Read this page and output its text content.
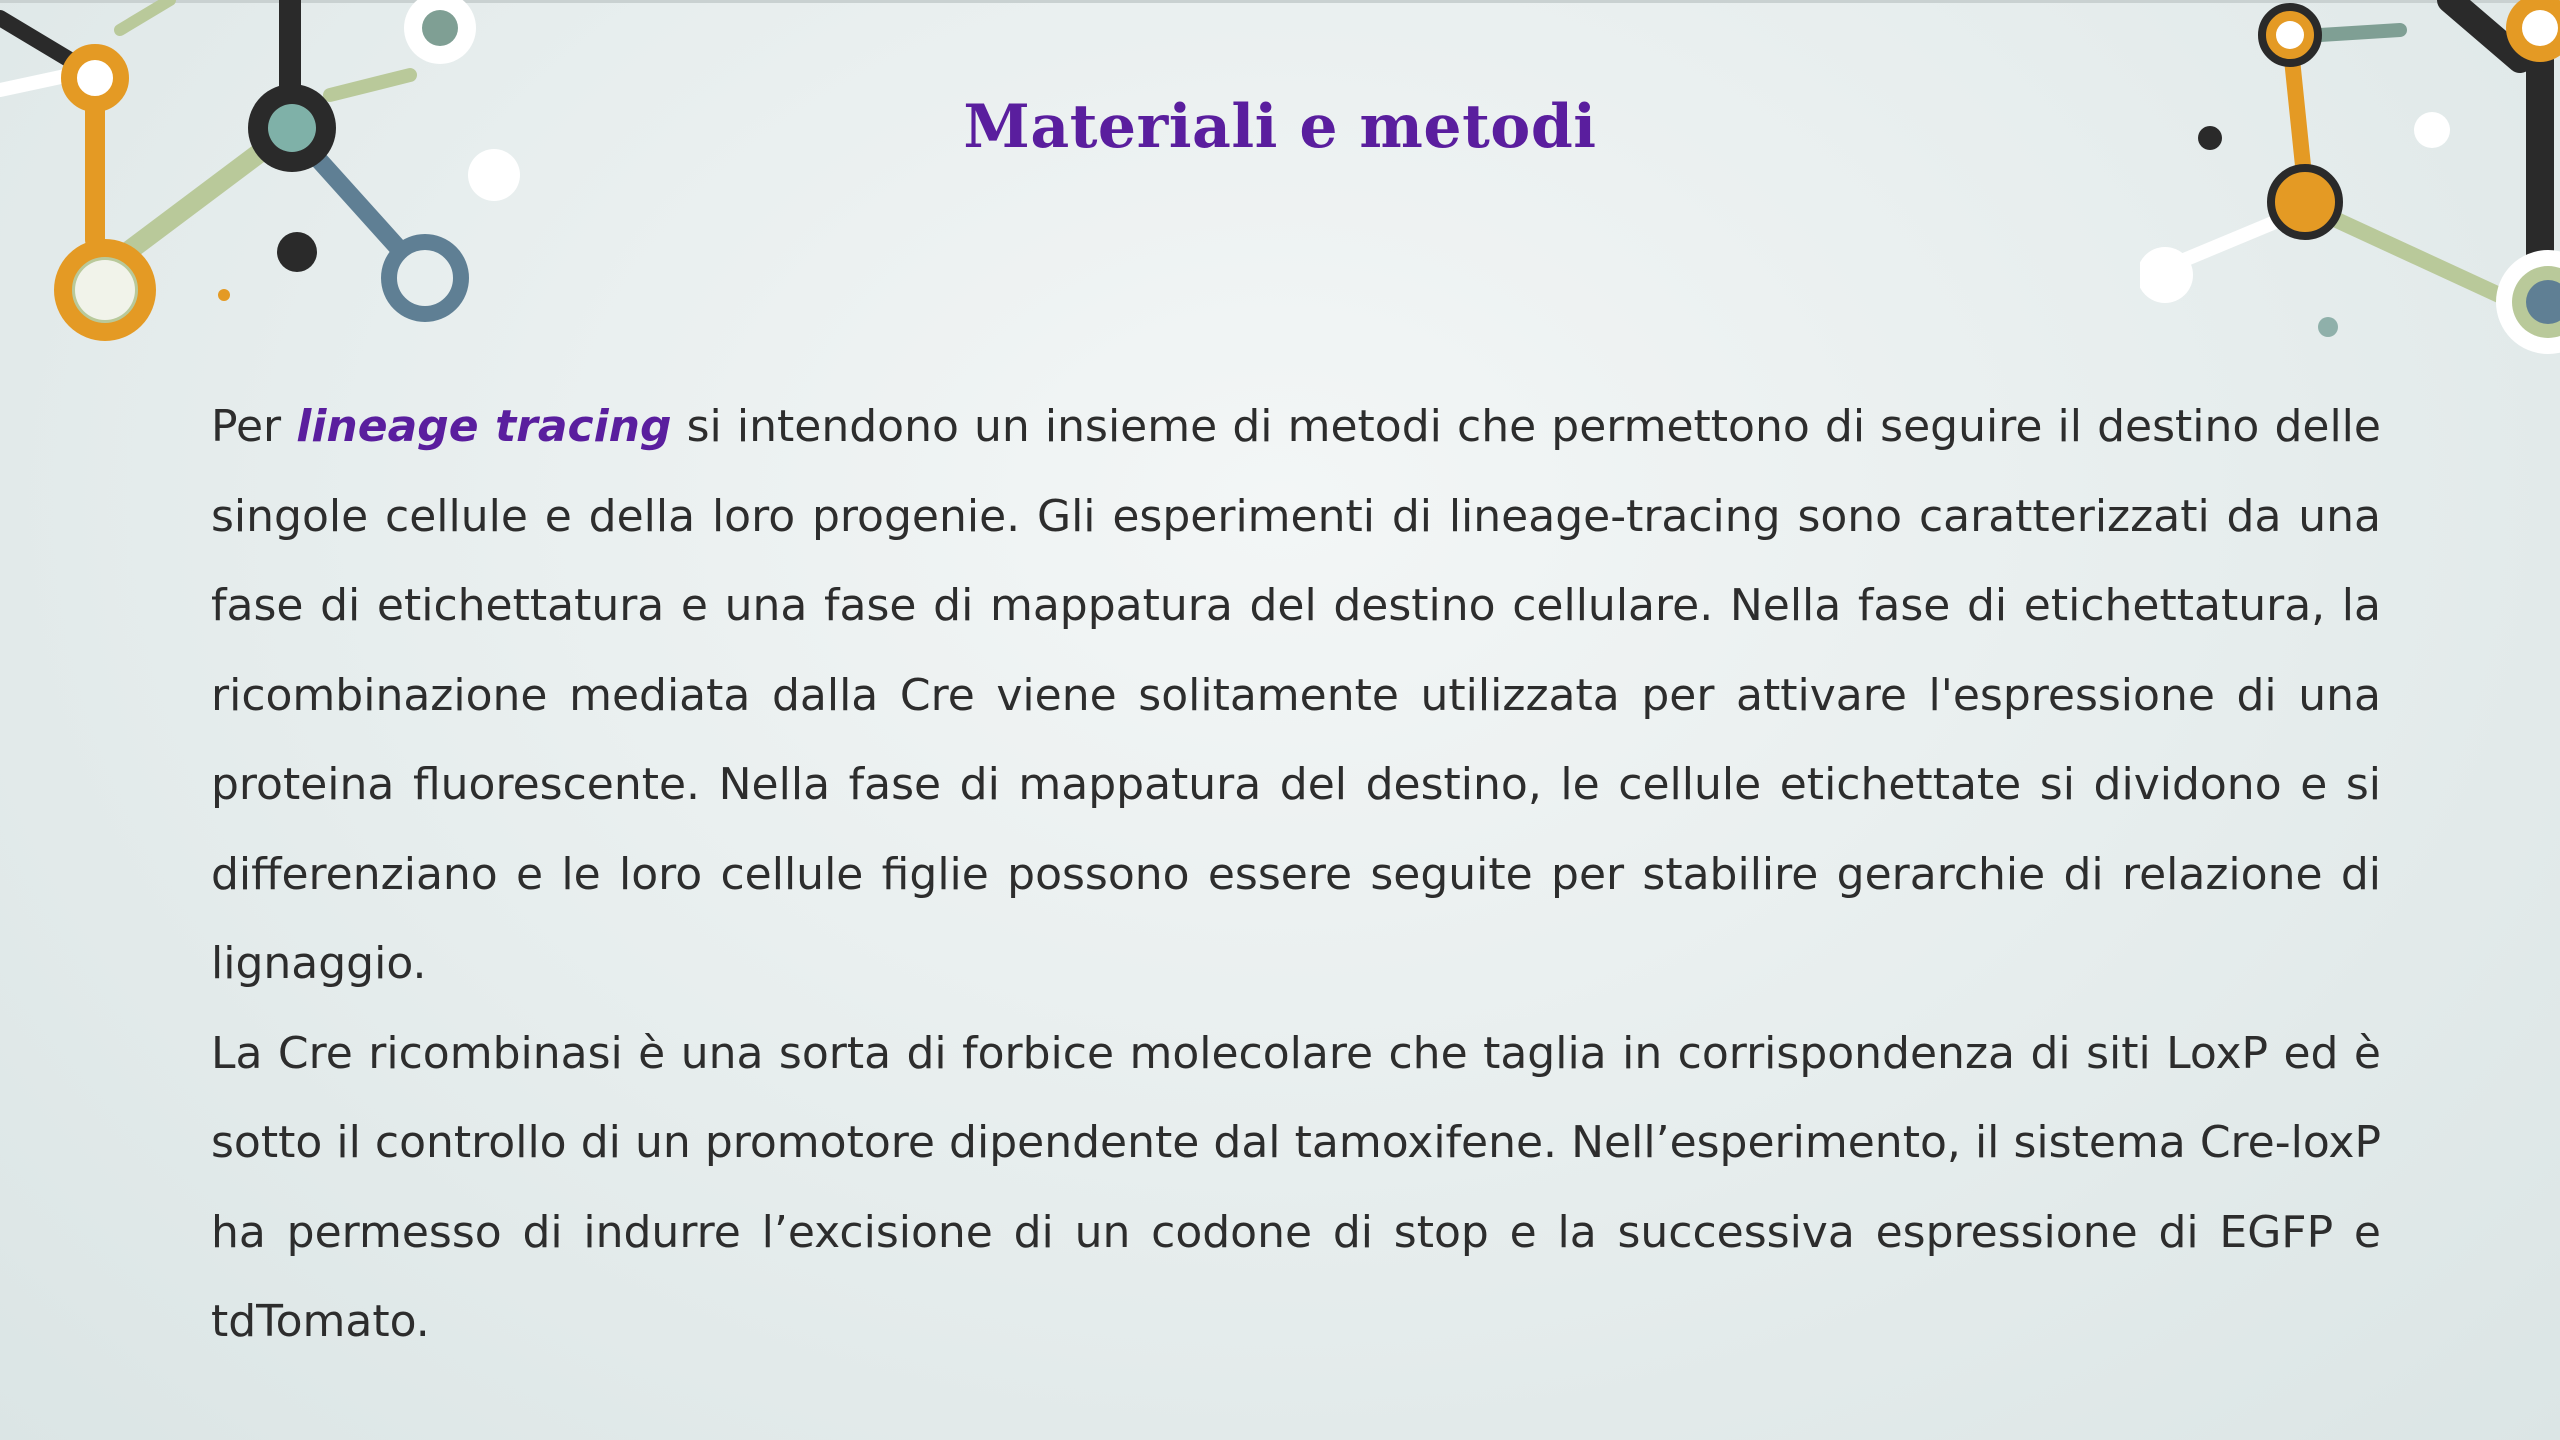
Materiali e metodi

Per lineage tracing si intendono un insieme di metodi che permettono di seguire il destino delle singole cellule e della loro progenie. Gli esperimenti di lineage-tracing sono caratterizzati da una fase di etichettatura e una fase di mappatura del destino cellulare. Nella fase di etichettatura, la ricombinazione mediata dalla Cre viene solitamente utilizzata per attivare l'espressione di una proteina fluorescente. Nella fase di mappatura del destino, le cellule etichettate si dividono e si differenziano e le loro cellule figlie possono essere seguite per stabilire gerarchie di relazione di lignaggio.

La Cre ricombinasi è una sorta di forbice molecolare che taglia in corrispondenza di siti LoxP ed è sotto il controllo di un promotore dipendente dal tamoxifene. Nell’esperimento, il sistema Cre-loxP ha permesso di indurre l’excisione di un codone di stop e la successiva espressione di EGFP e tdTomato.
